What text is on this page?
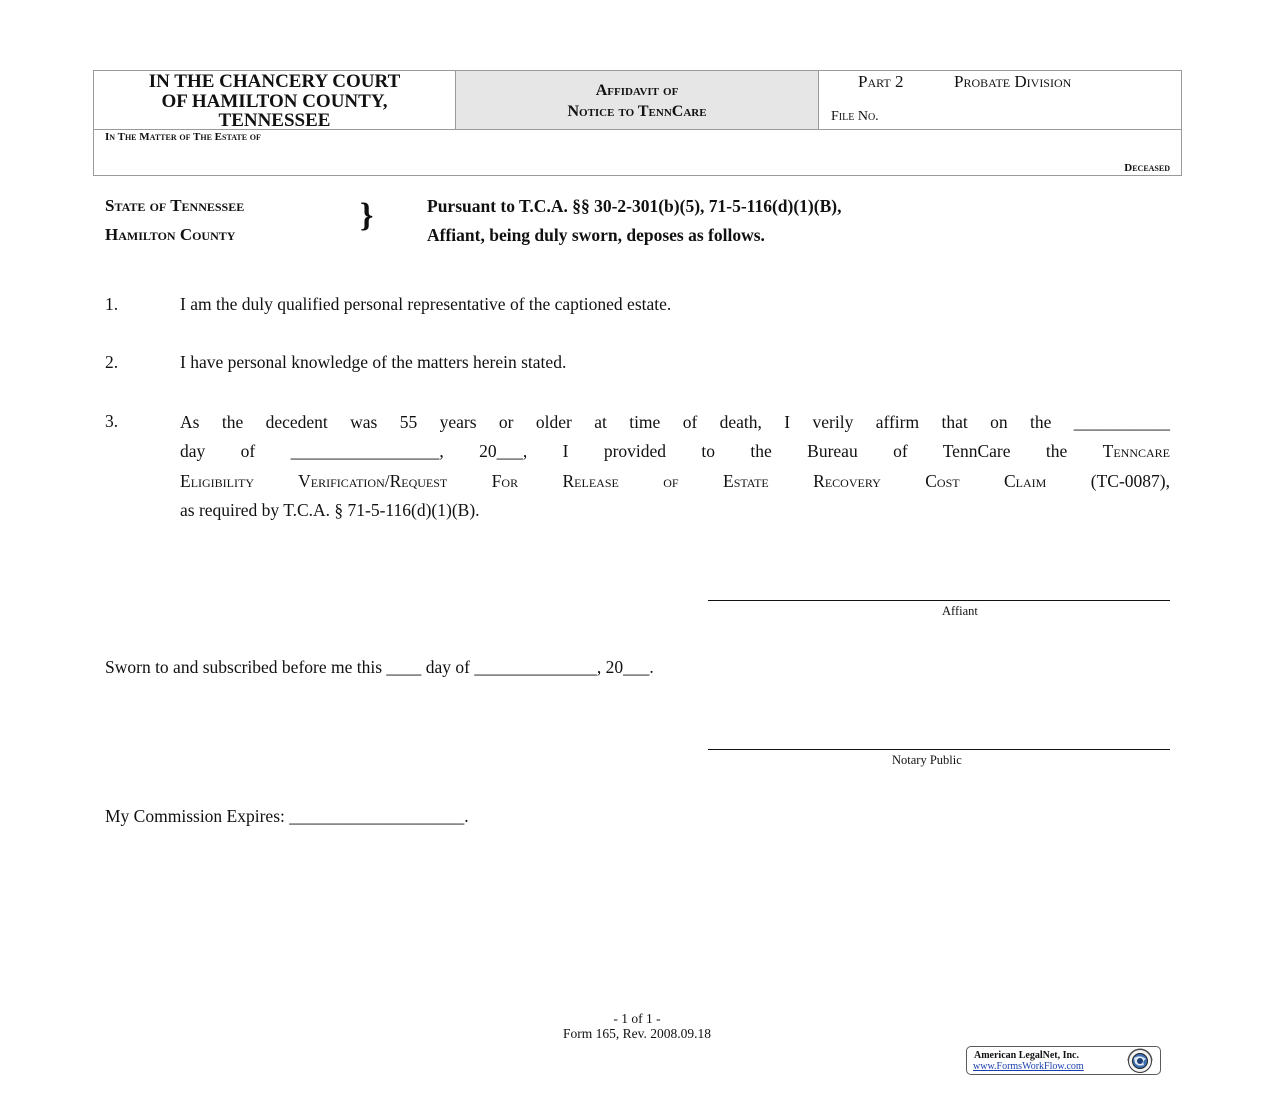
IN THE CHANCERY COURT
OF HAMILTON COUNTY,
TENNESSEE
Affidavit of
Notice to TennCare
Part 2	Probate Division
File No.
In The Matter of The Estate of
Deceased
State of Tennessee
Hamilton County
}	Pursuant to T.C.A. §§ 30-2-301(b)(5), 71-5-116(d)(1)(B),
Affiant, being duly sworn, deposes as follows.
1.	I am the duly qualified personal representative of the captioned estate.
2.	I have personal knowledge of the matters herein stated.
3.	As the decedent was 55 years or older at time of death, I verily affirm that on the ___________
day of _________________, 20___, I provided to the Bureau of TennCare the Tenncare
Eligibility Verification/Request For Release of Estate Recovery Cost Claim	(TC-0087),
as required by T.C.A. § 71-5-116(d)(1)(B).
Affiant
Sworn to and subscribed before me this ____ day of ______________, 20___.
Notary Public
My Commission Expires: ____________________.
- 1 of 1 -
Form 165, Rev. 2008.09.18
American LegalNet, Inc.
www.FormsWorkFlow.com
